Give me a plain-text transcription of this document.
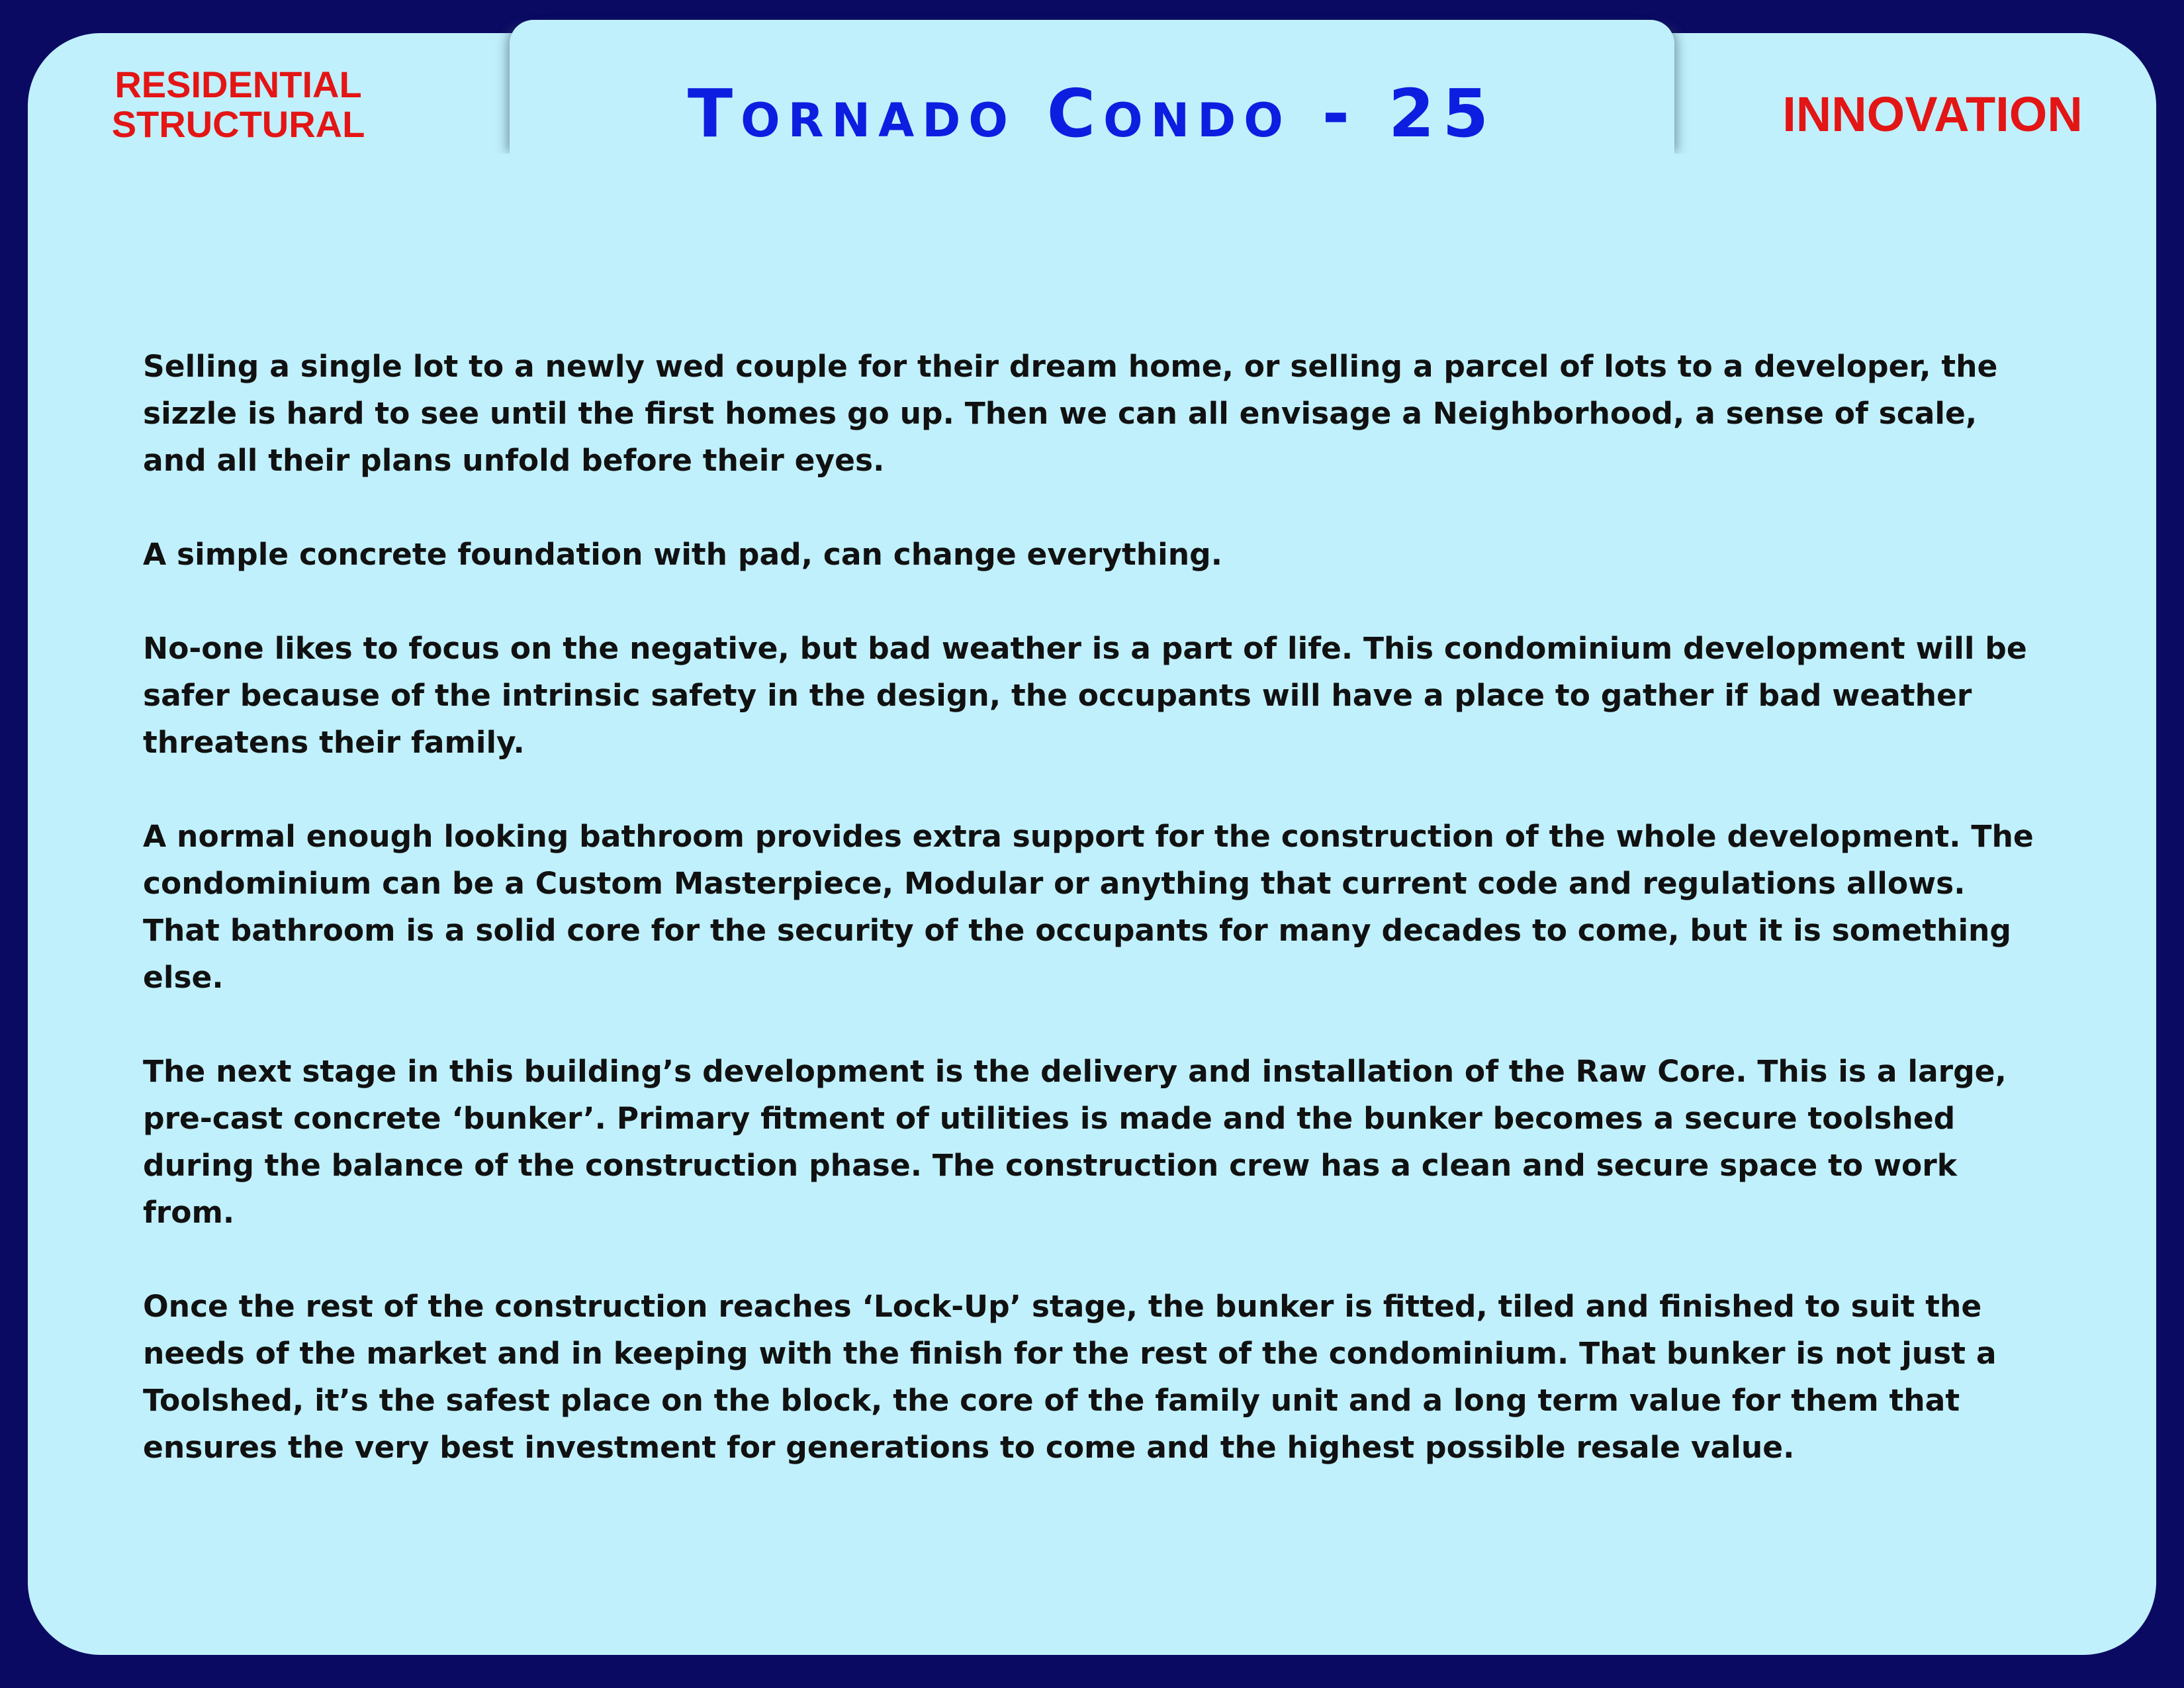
RESIDENTIAL
STRUCTURAL	Tornado Condo - 25	INNOVATION

Selling a single lot to a newly wed couple for their dream home, or selling a parcel of lots to a developer, the sizzle is hard to see until the first homes go up. Then we can all envisage a Neighborhood, a sense of scale, and all their plans unfold before their eyes.

A simple concrete foundation with pad, can change everything.

No-one likes to focus on the negative, but bad weather is a part of life. This condominium development will be safer because of the intrinsic safety in the design, the occupants will have a place to gather if bad weather threatens their family.

A normal enough looking bathroom provides extra support for the construction of the whole development. The condominium can be a Custom Masterpiece, Modular or anything that current code and regulations allows. That bathroom is a solid core for the security of the occupants for many decades to come, but it is something else.

The next stage in this building’s development is the delivery and installation of the Raw Core. This is a large, pre-cast concrete ‘bunker’. Primary fitment of utilities is made and the bunker becomes a secure toolshed during the balance of the construction phase. The construction crew has a clean and secure space to work from.

Once the rest of the construction reaches ‘Lock-Up’ stage, the bunker is fitted, tiled and finished to suit the needs of the market and in keeping with the finish for the rest of the condominium. That bunker is not just a Toolshed, it’s the safest place on the block, the core of the family unit and a long term value for them that ensures the very best investment for generations to come and the highest possible resale value.
